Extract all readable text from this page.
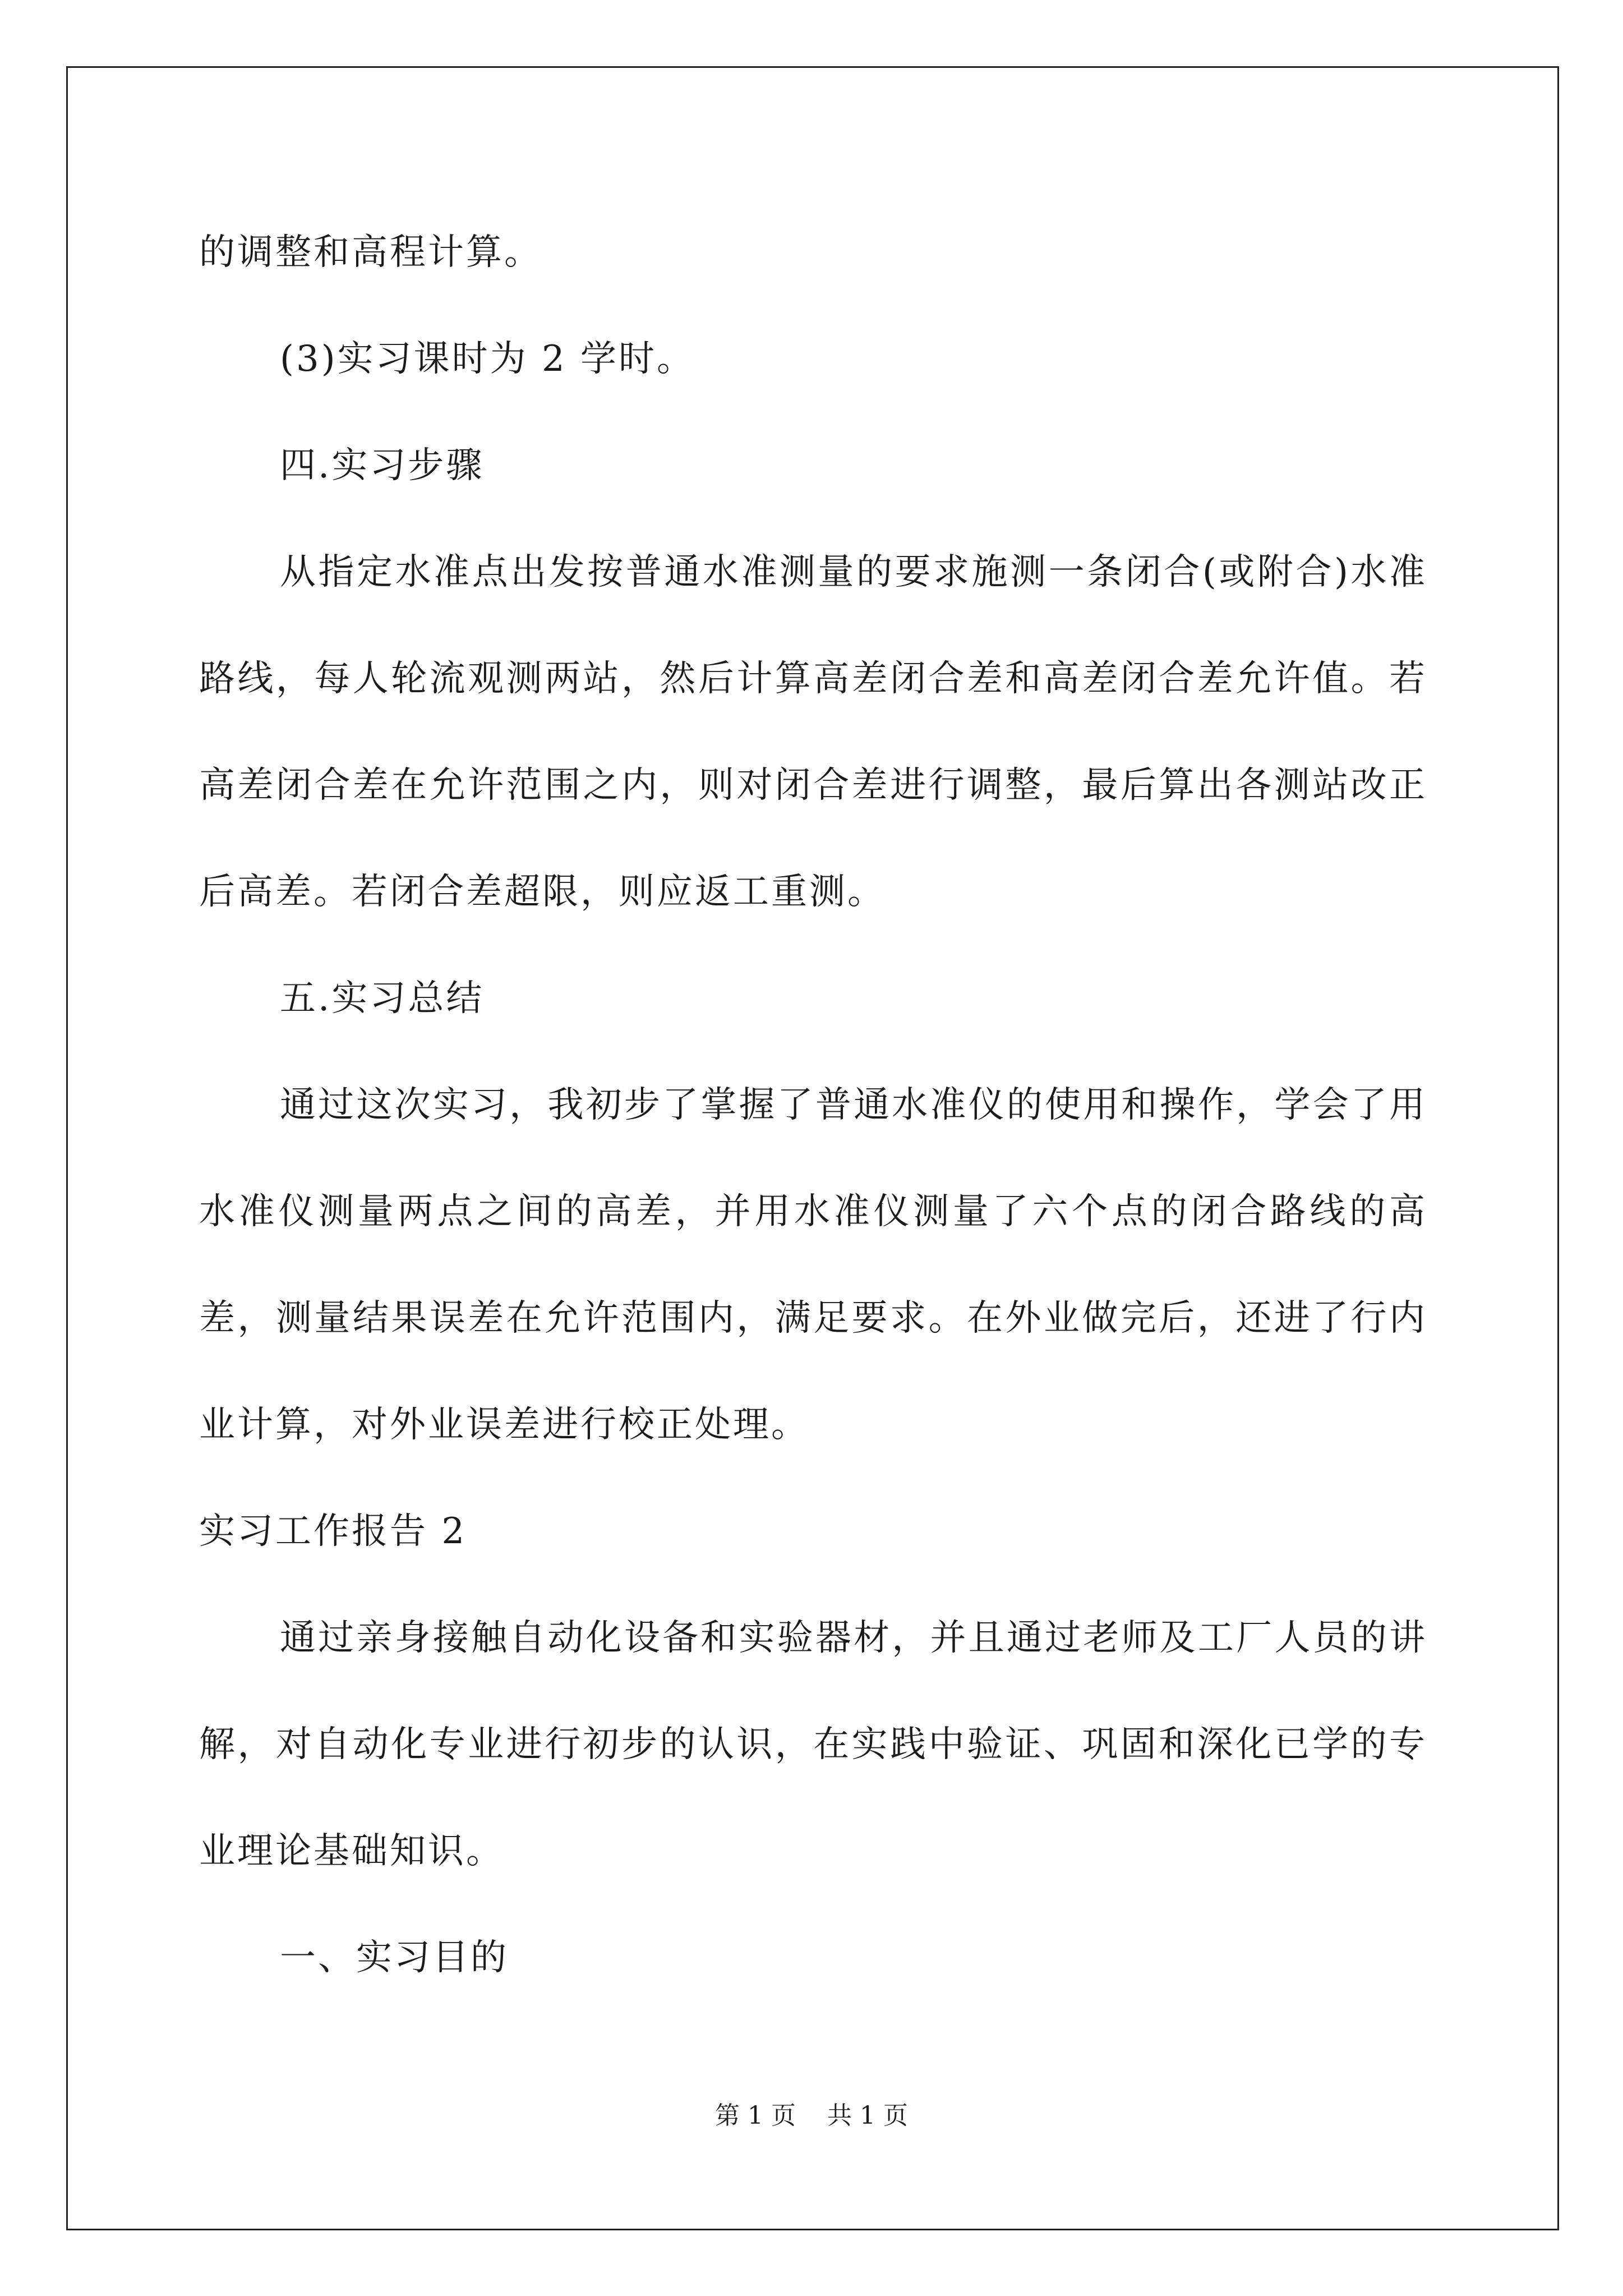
的调整和高程计算。

(3)实习课时为 2 学时。

四.实习步骤

从指定水准点出发按普通水准测量的要求施测一条闭合(或附合)水准路线，每人轮流观测两站，然后计算高差闭合差和高差闭合差允许值。若高差闭合差在允许范围之内，则对闭合差进行调整，最后算出各测站改正后高差。若闭合差超限，则应返工重测。

五.实习总结

通过这次实习，我初步了掌握了普通水准仪的使用和操作，学会了用水准仪测量两点之间的高差，并用水准仪测量了六个点的闭合路线的高差，测量结果误差在允许范围内，满足要求。在外业做完后，还进了行内业计算，对外业误差进行校正处理。

实习工作报告 2

通过亲身接触自动化设备和实验器材，并且通过老师及工厂人员的讲解，对自动化专业进行初步的认识，在实践中验证、巩固和深化已学的专业理论基础知识。

一、实习目的

第 1 页 共 1 页
